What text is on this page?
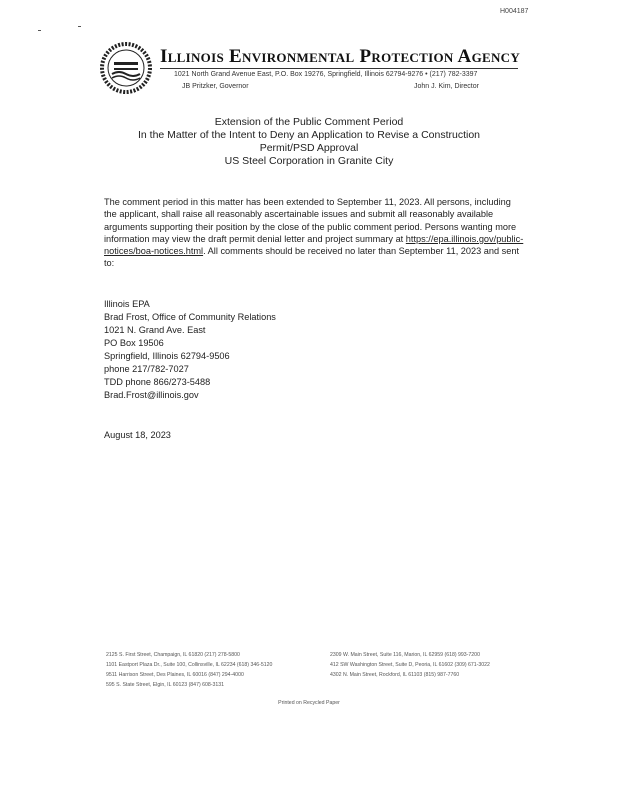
H004187
Illinois Environmental Protection Agency
1021 North Grand Avenue East, P.O. Box 19276, Springfield, Illinois 62794-9276 • (217) 782-3397
JB Pritzker, Governor	John J. Kim, Director
Extension of the Public Comment Period
In the Matter of the Intent to Deny an Application to Revise a Construction
Permit/PSD Approval
US Steel Corporation in Granite City
The comment period in this matter has been extended to September 11, 2023. All persons, including the applicant, shall raise all reasonably ascertainable issues and submit all reasonably available arguments supporting their position by the close of the public comment period. Persons wanting more information may view the draft permit denial letter and project summary at https://epa.illinois.gov/public-notices/boa-notices.html. All comments should be received no later than September 11, 2023 and sent to:
Illinois EPA
Brad Frost, Office of Community Relations
1021 N. Grand Ave. East
PO Box 19506
Springfield, Illinois 62794-9506
phone 217/782-7027
TDD phone 866/273-5488
Brad.Frost@illinois.gov
August 18, 2023
2125 S. First Street, Champaign, IL 61820 (217) 278-5800
1101 Eastport Plaza Dr., Suite 100, Collinsville, IL 62234 (618) 346-5120
9511 Harrison Street, Des Plaines, IL 60016 (847) 294-4000
595 S. State Street, Elgin, IL 60123 (847) 608-3131
2309 W. Main Street, Suite 116, Marion, IL 62959 (618) 993-7200
412 SW Washington Street, Suite D, Peoria, IL 61602 (309) 671-3022
4302 N. Main Street, Rockford, IL 61103 (815) 987-7760
Printed on Recycled Paper
